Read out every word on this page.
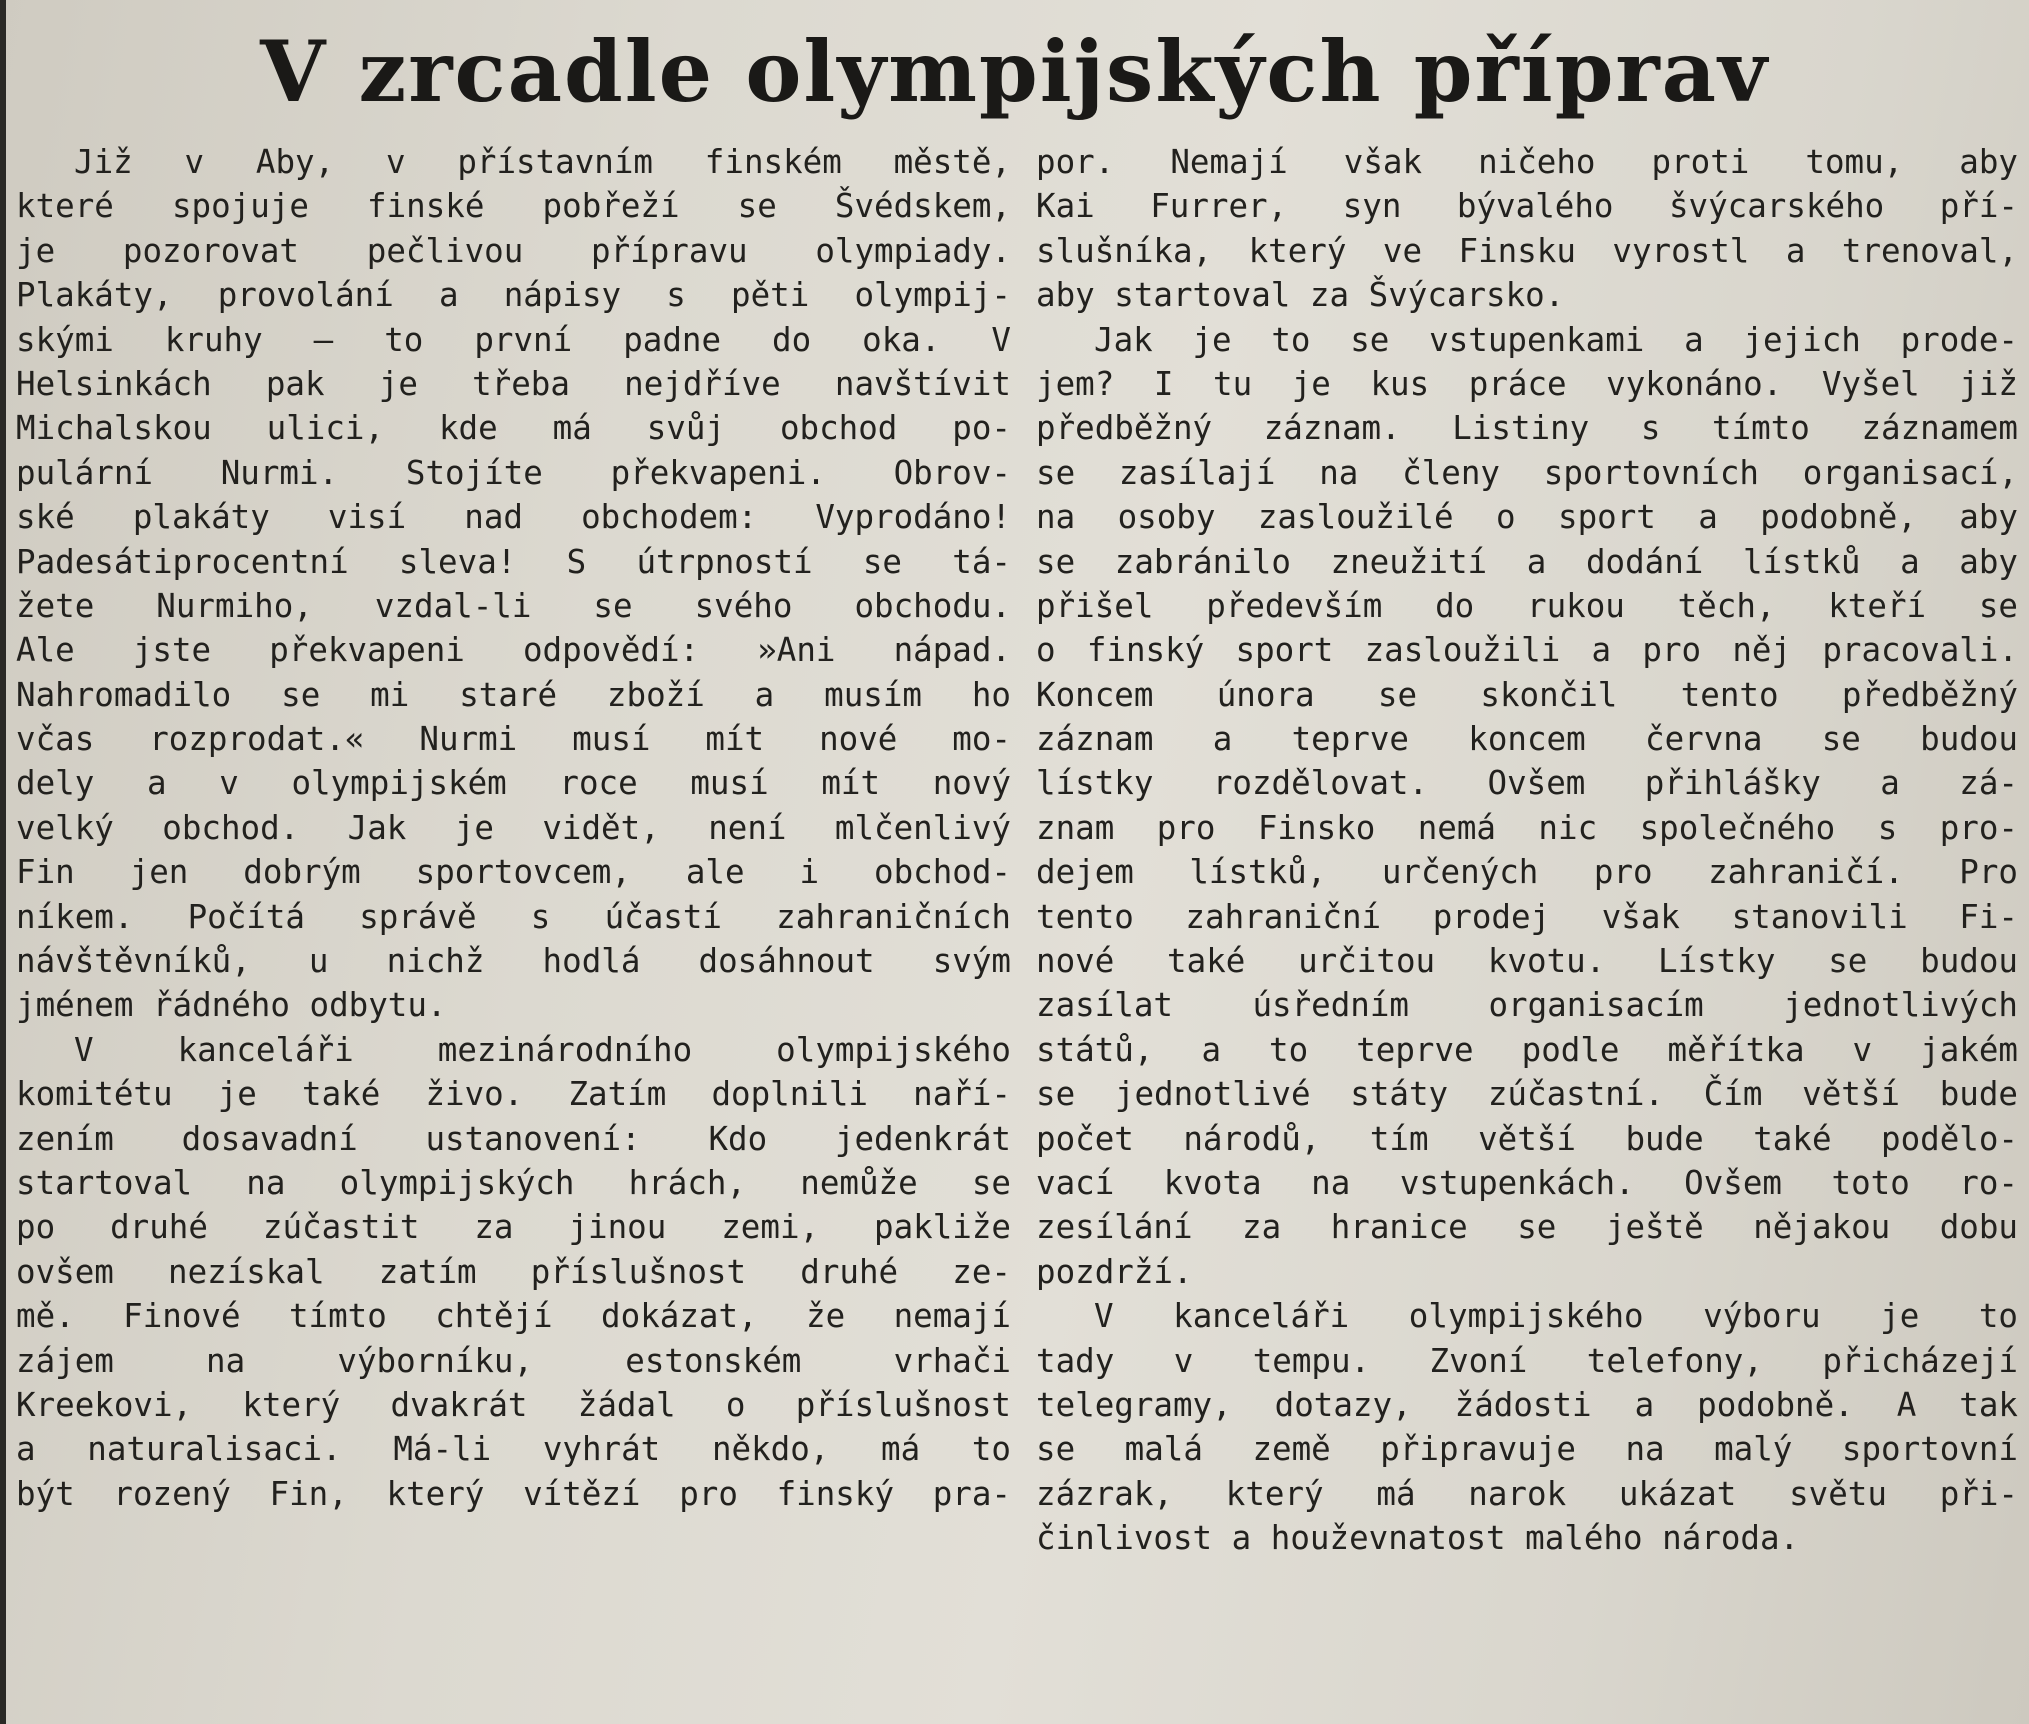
V zrcadle olympijských příprav
Již v Aby, v přístavním finském městě,
které spojuje finské pobřeží se Švédskem,
je pozorovat pečlivou přípravu olympiady.
Plakáty, provolání a nápisy s pěti olympij-
skými kruhy – to první padne do oka. V
Helsinkách pak je třeba nejdříve navštívit
Michalskou ulici, kde má svůj obchod po-
pulární Nurmi. Stojíte překvapeni. Obrov-
ské plakáty visí nad obchodem: Vyprodáno!
Padesátiprocentní sleva! S útrpností se tá-
žete Nurmiho, vzdal-li se svého obchodu.
Ale jste překvapeni odpovědí: »Ani nápad.
Nahromadilo se mi staré zboží a musím ho
včas rozprodat.« Nurmi musí mít nové mo-
dely a v olympijském roce musí mít nový
velký obchod. Jak je vidět, není mlčenlivý
Fin jen dobrým sportovcem, ale i obchod-
níkem. Počítá správě s účastí zahraničních
návštěvníků, u nichž hodlá dosáhnout svým
jménem řádného odbytu.
V kanceláři mezinárodního olympijského
komitétu je také živo. Zatím doplnili naří-
zením dosavadní ustanovení: Kdo jedenkrát
startoval na olympijských hrách, nemůže se
po druhé zúčastit za jinou zemi, pakliže
ovšem nezískal zatím příslušnost druhé ze-
mě. Finové tímto chtějí dokázat, že nemají
zájem na výborníku, estonském vrhači
Kreekovi, který dvakrát žádal o příslušnost
a naturalisaci. Má-li vyhrát někdo, má to
být rozený Fin, který vítězí pro finský pra-
por. Nemají však ničeho proti tomu, aby
Kai Furrer, syn bývalého švýcarského pří-
slušníka, který ve Finsku vyrostl a trenoval,
aby startoval za Švýcarsko.
Jak je to se vstupenkami a jejich prode-
jem? I tu je kus práce vykonáno. Vyšel již
předběžný záznam. Listiny s tímto záznamem
se zasílají na členy sportovních organisací,
na osoby zasloužilé o sport a podobně, aby
se zabránilo zneužití a dodání lístků a aby
přišel především do rukou těch, kteří se
o finský sport zasloužili a pro něj pracovali.
Koncem února se skončil tento předběžný
záznam a teprve koncem června se budou
lístky rozdělovat. Ovšem přihlášky a zá-
znam pro Finsko nemá nic společného s pro-
dejem lístků, určených pro zahraničí. Pro
tento zahraniční prodej však stanovili Fi-
nové také určitou kvotu. Lístky se budou
zasílat úsředním organisacím jednotlivých
států, a to teprve podle měřítka v jakém
se jednotlivé státy zúčastní. Čím větší bude
počet národů, tím větší bude také podělo-
vací kvota na vstupenkách. Ovšem toto ro-
zesílání za hranice se ještě nějakou dobu
pozdrží.
V kanceláři olympijského výboru je to
tady v tempu. Zvoní telefony, přicházejí
telegramy, dotazy, žádosti a podobně. A tak
se malá země připravuje na malý sportovní
zázrak, který má narok ukázat světu při-
činlivost a houževnatost malého národa.
